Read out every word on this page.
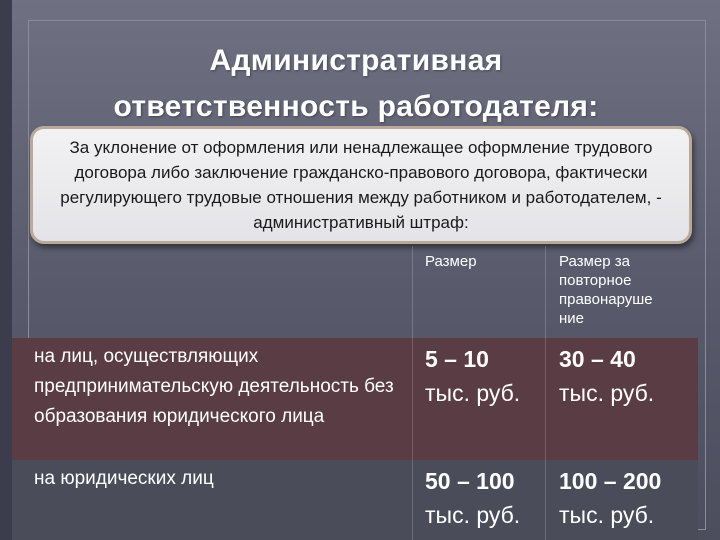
Административная
ответственность работодателя:
За уклонение от оформления или ненадлежащее оформление трудового договора либо заключение гражданско-правового договора, фактически регулирующего трудовые отношения между работником и работодателем, - административный штраф:
Размер	Размер за повторное правонаруше ние
на лиц, осуществляющих предпринимательскую деятельность без образования юридического лица
5 – 10
тыс. руб.
30 – 40
тыс. руб.
на юридических лиц	50 – 100
тыс. руб.
100 – 200
тыс. руб.
